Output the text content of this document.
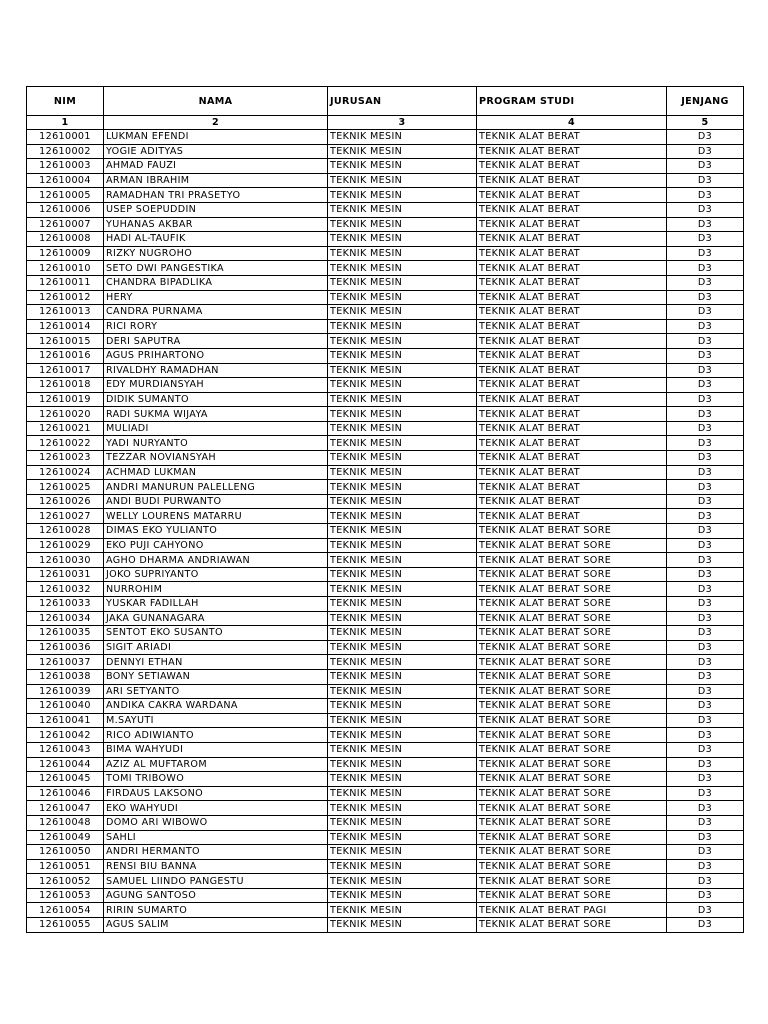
NIM	NAMA	JURUSAN	PROGRAM STUDI	JENJANG
1	2	3	4	5
12610001	LUKMAN EFENDI	TEKNIK MESIN	TEKNIK ALAT BERAT	D3
12610002	YOGIE ADITYAS	TEKNIK MESIN	TEKNIK ALAT BERAT	D3
12610003	AHMAD FAUZI	TEKNIK MESIN	TEKNIK ALAT BERAT	D3
12610004	ARMAN IBRAHIM	TEKNIK MESIN	TEKNIK ALAT BERAT	D3
12610005	RAMADHAN TRI PRASETYO	TEKNIK MESIN	TEKNIK ALAT BERAT	D3
12610006	USEP SOEPUDDIN	TEKNIK MESIN	TEKNIK ALAT BERAT	D3
12610007	YUHANAS AKBAR	TEKNIK MESIN	TEKNIK ALAT BERAT	D3
12610008	HADI AL-TAUFIK	TEKNIK MESIN	TEKNIK ALAT BERAT	D3
12610009	RIZKY NUGROHO	TEKNIK MESIN	TEKNIK ALAT BERAT	D3
12610010	SETO DWI PANGESTIKA	TEKNIK MESIN	TEKNIK ALAT BERAT	D3
12610011	CHANDRA BIPADLIKA	TEKNIK MESIN	TEKNIK ALAT BERAT	D3
12610012	HERY	TEKNIK MESIN	TEKNIK ALAT BERAT	D3
12610013	CANDRA PURNAMA	TEKNIK MESIN	TEKNIK ALAT BERAT	D3
12610014	RICI RORY	TEKNIK MESIN	TEKNIK ALAT BERAT	D3
12610015	DERI SAPUTRA	TEKNIK MESIN	TEKNIK ALAT BERAT	D3
12610016	AGUS PRIHARTONO	TEKNIK MESIN	TEKNIK ALAT BERAT	D3
12610017	RIVALDHY RAMADHAN	TEKNIK MESIN	TEKNIK ALAT BERAT	D3
12610018	EDY MURDIANSYAH	TEKNIK MESIN	TEKNIK ALAT BERAT	D3
12610019	DIDIK SUMANTO	TEKNIK MESIN	TEKNIK ALAT BERAT	D3
12610020	RADI SUKMA WIJAYA	TEKNIK MESIN	TEKNIK ALAT BERAT	D3
12610021	MULIADI	TEKNIK MESIN	TEKNIK ALAT BERAT	D3
12610022	YADI NURYANTO	TEKNIK MESIN	TEKNIK ALAT BERAT	D3
12610023	TEZZAR NOVIANSYAH	TEKNIK MESIN	TEKNIK ALAT BERAT	D3
12610024	ACHMAD LUKMAN	TEKNIK MESIN	TEKNIK ALAT BERAT	D3
12610025	ANDRI MANURUN PALELLENG	TEKNIK MESIN	TEKNIK ALAT BERAT	D3
12610026	ANDI BUDI PURWANTO	TEKNIK MESIN	TEKNIK ALAT BERAT	D3
12610027	WELLY LOURENS MATARRU	TEKNIK MESIN	TEKNIK ALAT BERAT	D3
12610028	DIMAS EKO YULIANTO	TEKNIK MESIN	TEKNIK ALAT BERAT SORE	D3
12610029	EKO PUJI CAHYONO	TEKNIK MESIN	TEKNIK ALAT BERAT SORE	D3
12610030	AGHO DHARMA ANDRIAWAN	TEKNIK MESIN	TEKNIK ALAT BERAT SORE	D3
12610031	JOKO SUPRIYANTO	TEKNIK MESIN	TEKNIK ALAT BERAT SORE	D3
12610032	NURROHIM	TEKNIK MESIN	TEKNIK ALAT BERAT SORE	D3
12610033	YUSKAR FADILLAH	TEKNIK MESIN	TEKNIK ALAT BERAT SORE	D3
12610034	JAKA GUNANAGARA	TEKNIK MESIN	TEKNIK ALAT BERAT SORE	D3
12610035	SENTOT EKO SUSANTO	TEKNIK MESIN	TEKNIK ALAT BERAT SORE	D3
12610036	SIGIT ARIADI	TEKNIK MESIN	TEKNIK ALAT BERAT SORE	D3
12610037	DENNYI ETHAN	TEKNIK MESIN	TEKNIK ALAT BERAT SORE	D3
12610038	BONY SETIAWAN	TEKNIK MESIN	TEKNIK ALAT BERAT SORE	D3
12610039	ARI SETYANTO	TEKNIK MESIN	TEKNIK ALAT BERAT SORE	D3
12610040	ANDIKA CAKRA WARDANA	TEKNIK MESIN	TEKNIK ALAT BERAT SORE	D3
12610041	M.SAYUTI	TEKNIK MESIN	TEKNIK ALAT BERAT SORE	D3
12610042	RICO ADIWIANTO	TEKNIK MESIN	TEKNIK ALAT BERAT SORE	D3
12610043	BIMA WAHYUDI	TEKNIK MESIN	TEKNIK ALAT BERAT SORE	D3
12610044	AZIZ AL MUFTAROM	TEKNIK MESIN	TEKNIK ALAT BERAT SORE	D3
12610045	TOMI TRIBOWO	TEKNIK MESIN	TEKNIK ALAT BERAT SORE	D3
12610046	FIRDAUS LAKSONO	TEKNIK MESIN	TEKNIK ALAT BERAT SORE	D3
12610047	EKO WAHYUDI	TEKNIK MESIN	TEKNIK ALAT BERAT SORE	D3
12610048	DOMO ARI WIBOWO	TEKNIK MESIN	TEKNIK ALAT BERAT SORE	D3
12610049	SAHLI	TEKNIK MESIN	TEKNIK ALAT BERAT SORE	D3
12610050	ANDRI HERMANTO	TEKNIK MESIN	TEKNIK ALAT BERAT SORE	D3
12610051	RENSI BIU BANNA	TEKNIK MESIN	TEKNIK ALAT BERAT SORE	D3
12610052	SAMUEL LIINDO PANGESTU	TEKNIK MESIN	TEKNIK ALAT BERAT SORE	D3
12610053	AGUNG SANTOSO	TEKNIK MESIN	TEKNIK ALAT BERAT SORE	D3
12610054	RIRIN SUMARTO	TEKNIK MESIN	TEKNIK ALAT BERAT PAGI	D3
12610055	AGUS SALIM	TEKNIK MESIN	TEKNIK ALAT BERAT SORE	D3
